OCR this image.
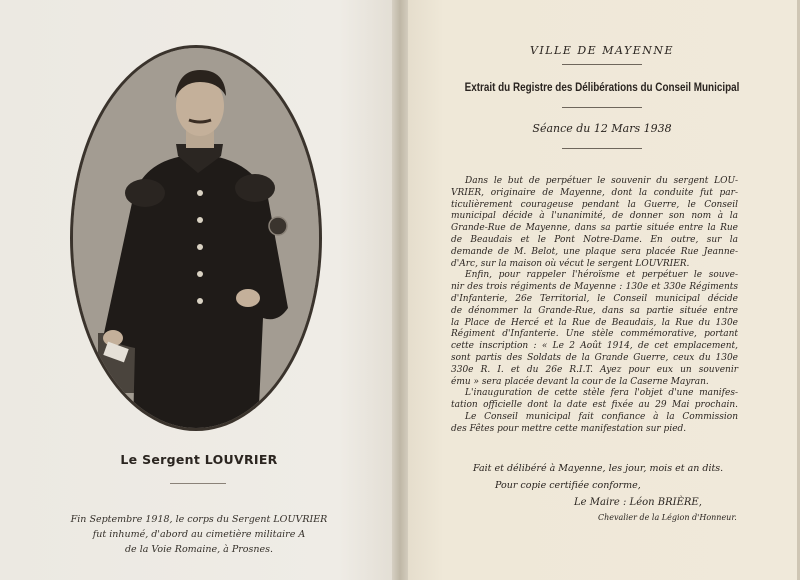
Le Sergent LOUVRIER
Fin Septembre 1918, le corps du Sergent LOUVRIER
fut inhumé, d'abord au cimetière militaire A
de la Voie Romaine, à Prosnes.
VILLE DE MAYENNE
Extrait du Registre des Délibérations du Conseil Municipal
Séance du 12 Mars 1938
Dans le but de perpétuer le souvenir du sergent LOU-
VRIER, originaire de Mayenne, dont la conduite fut par-
ticulièrement courageuse pendant la Guerre, le Conseil
municipal décide à l'unanimité, de donner son nom à la
Grande-Rue de Mayenne, dans sa partie située entre la Rue
de Beaudais et le Pont Notre-Dame. En outre, sur la
demande de M. Belot, une plaque sera placée Rue Jeanne-
d'Arc, sur la maison où vécut le sergent LOUVRIER.
Enfin, pour rappeler l'héroïsme et perpétuer le souve-
nir des trois régiments de Mayenne : 130e et 330e Régiments
d'Infanterie, 26e Territorial, le Conseil municipal décide
de dénommer la Grande-Rue, dans sa partie située entre
la Place de Hercé et la Rue de Beaudais, la Rue du 130e
Régiment d'Infanterie. Une stèle commémorative, portant
cette inscription : « Le 2 Août 1914, de cet emplacement,
sont partis des Soldats de la Grande Guerre, ceux du 130e
330e R. I. et du 26e R.I.T. Ayez pour eux un souvenir
ému » sera placée devant la cour de la Caserne Mayran.
L'inauguration de cette stèle fera l'objet d'une manifes-
tation officielle dont la date est fixée au 29 Mai prochain.
Le Conseil municipal fait confiance à la Commission
des Fêtes pour mettre cette manifestation sur pied.
Fait et délibéré à Mayenne, les jour, mois et an dits.
Pour copie certifiée conforme,
Le Maire : Léon BRIÈRE,
Chevalier de la Légion d'Honneur.
